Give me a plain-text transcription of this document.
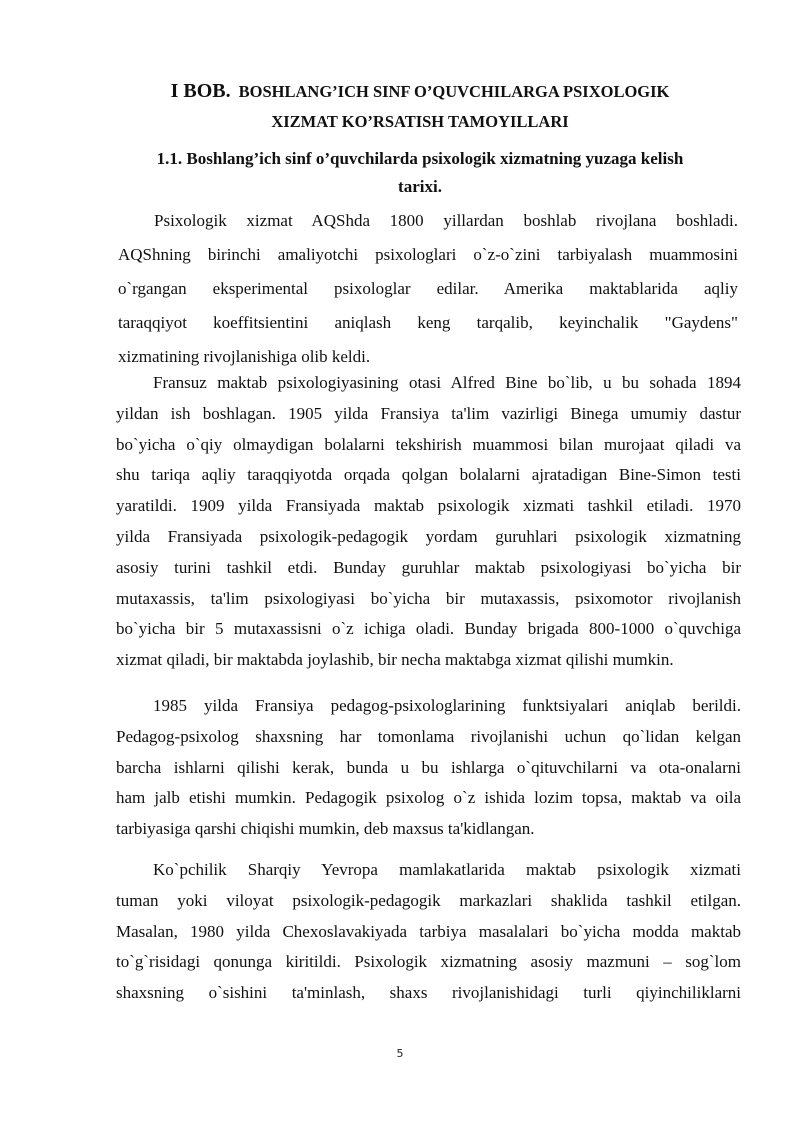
I BOB. BOSHLANG’ICH SINF O’QUVCHILARGA PSIXOLOGIK
XIZMAT KO’RSATISH TAMOYILLARI
1.1. Boshlang’ich sinf o’quvchilarda psixologik xizmatning yuzaga kelish
tarixi.

Psixologik xizmat AQShda 1800 yillardan boshlab rivojlana boshladi.
AQShning birinchi amaliyotchi psixologlari o`z-o`zini tarbiyalash muammosini
o`rgangan eksperimental psixologlar edilar. Amerika maktablarida aqliy
taraqqiyot koeffitsientini aniqlash keng tarqalib, keyinchalik "Gaydens"
xizmatining rivojlanishiga olib keldi.

Fransuz maktab psixologiyasining otasi Alfred Bine bo`lib, u bu sohada 1894
yildan ish boshlagan. 1905 yilda Fransiya ta'lim vazirligi Binega umumiy dastur
bo`yicha o`qiy olmaydigan bolalarni tekshirish muammosi bilan murojaat qiladi va
shu tariqa aqliy taraqqiyotda orqada qolgan bolalarni ajratadigan Bine-Simon testi
yaratildi. 1909 yilda Fransiyada maktab psixologik xizmati tashkil etiladi. 1970
yilda Fransiyada psixologik-pedagogik yordam guruhlari psixologik xizmatning
asosiy turini tashkil etdi. Bunday guruhlar maktab psixologiyasi bo`yicha bir
mutaxassis, ta'lim psixologiyasi bo`yicha bir mutaxassis, psixomotor rivojlanish
bo`yicha bir 5 mutaxassisni o`z ichiga oladi. Bunday brigada 800-1000 o`quvchiga
xizmat qiladi, bir maktabda joylashib, bir necha maktabga xizmat qilishi mumkin.

1985 yilda Fransiya pedagog-psixologlarining funktsiyalari aniqlab berildi.
Pedagog-psixolog shaxsning har tomonlama rivojlanishi uchun qo`lidan kelgan
barcha ishlarni qilishi kerak, bunda u bu ishlarga o`qituvchilarni va ota-onalarni
ham jalb etishi mumkin. Pedagogik psixolog o`z ishida lozim topsa, maktab va oila
tarbiyasiga qarshi chiqishi mumkin, deb maxsus ta'kidlangan.

Ko`pchilik Sharqiy Yevropa mamlakatlarida maktab psixologik xizmati
tuman yoki viloyat psixologik-pedagogik markazlari shaklida tashkil etilgan.
Masalan, 1980 yilda Chexoslavakiyada tarbiya masalalari bo`yicha modda maktab
to`g`risidagi qonunga kiritildi. Psixologik xizmatning asosiy mazmuni – sog`lom
shaxsning o`sishini ta'minlash, shaxs rivojlanishidagi turli qiyinchiliklarni

5
